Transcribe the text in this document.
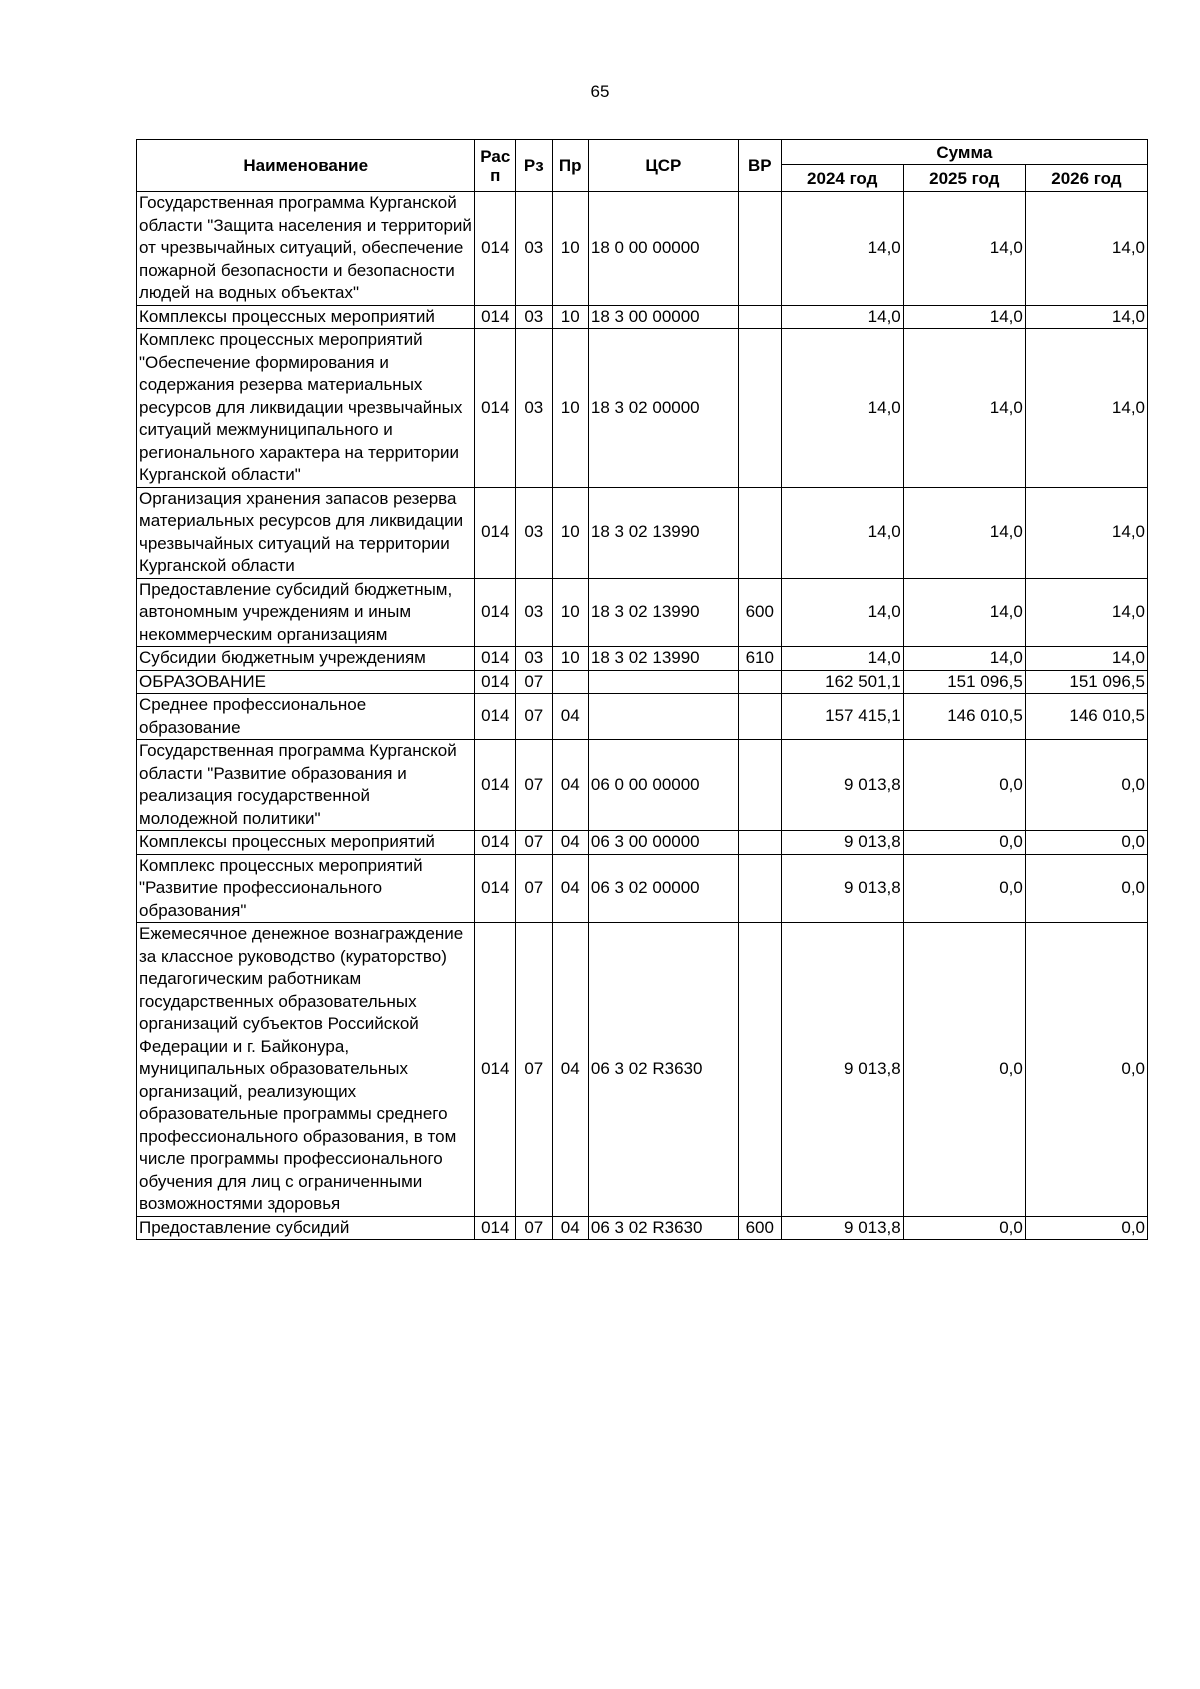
65
Наименование	Рас п	Рз	Пр	ЦСР	ВР	Сумма		
						2024 год	2025 год	2026 год
Государственная программа Курганской области "Защита населения и территорий от чрезвычайных ситуаций, обеспечение пожарной безопасности и безопасности людей на водных объектах"	014	03	10	18 0 00 00000		14,0	14,0	14,0
Комплексы процессных мероприятий	014	03	10	18 3 00 00000		14,0	14,0	14,0
Комплекс процессных мероприятий "Обеспечение формирования и содержания резерва материальных ресурсов для ликвидации чрезвычайных ситуаций межмуниципального и регионального характера на территории Курганской области"	014	03	10	18 3 02 00000		14,0	14,0	14,0
Организация хранения запасов резерва материальных ресурсов для ликвидации чрезвычайных ситуаций на территории Курганской области	014	03	10	18 3 02 13990		14,0	14,0	14,0
Предоставление субсидий бюджетным, автономным учреждениям и иным некоммерческим организациям	014	03	10	18 3 02 13990	600	14,0	14,0	14,0
Субсидии бюджетным учреждениям	014	03	10	18 3 02 13990	610	14,0	14,0	14,0
ОБРАЗОВАНИЕ	014	07				162 501,1	151 096,5	151 096,5
Среднее профессиональное образование	014	07	04			157 415,1	146 010,5	146 010,5
Государственная программа Курганской области "Развитие образования и реализация государственной молодежной политики"	014	07	04	06 0 00 00000		9 013,8	0,0	0,0
Комплексы процессных мероприятий	014	07	04	06 3 00 00000		9 013,8	0,0	0,0
Комплекс процессных мероприятий "Развитие профессионального образования"	014	07	04	06 3 02 00000		9 013,8	0,0	0,0
Ежемесячное денежное вознаграждение за классное руководство (кураторство) педагогическим работникам государственных образовательных организаций субъектов Российской Федерации и г. Байконура, муниципальных образовательных организаций, реализующих образовательные программы среднего профессионального образования, в том числе программы профессионального обучения для лиц с ограниченными возможностями здоровья	014	07	04	06 3 02 R3630		9 013,8	0,0	0,0
Предоставление субсидий	014	07	04	06 3 02 R3630	600	9 013,8	0,0	0,0
